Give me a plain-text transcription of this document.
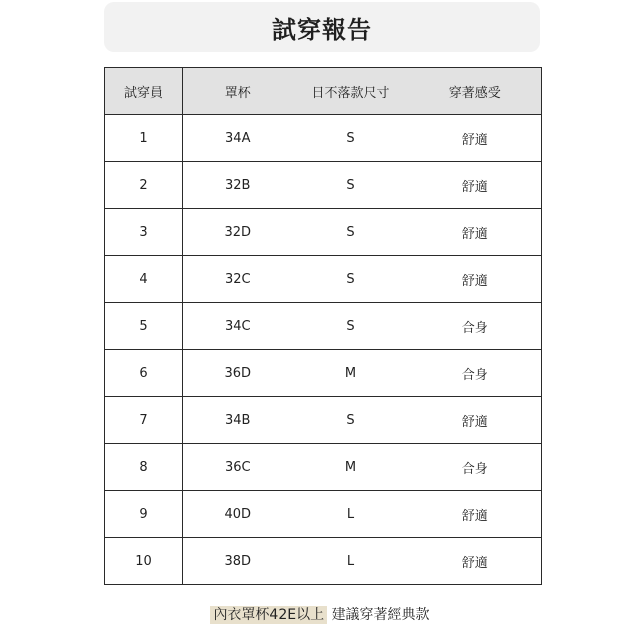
試穿報告
試穿員	罩杯	日不落款尺寸	穿著感受
1	34A	S	舒適
2	32B	S	舒適
3	32D	S	舒適
4	32C	S	舒適
5	34C	S	合身
6	36D	M	合身
7	34B	S	舒適
8	36C	M	合身
9	40D	L	舒適
10	38D	L	舒適
內衣罩杯42E以上 建議穿著經典款
